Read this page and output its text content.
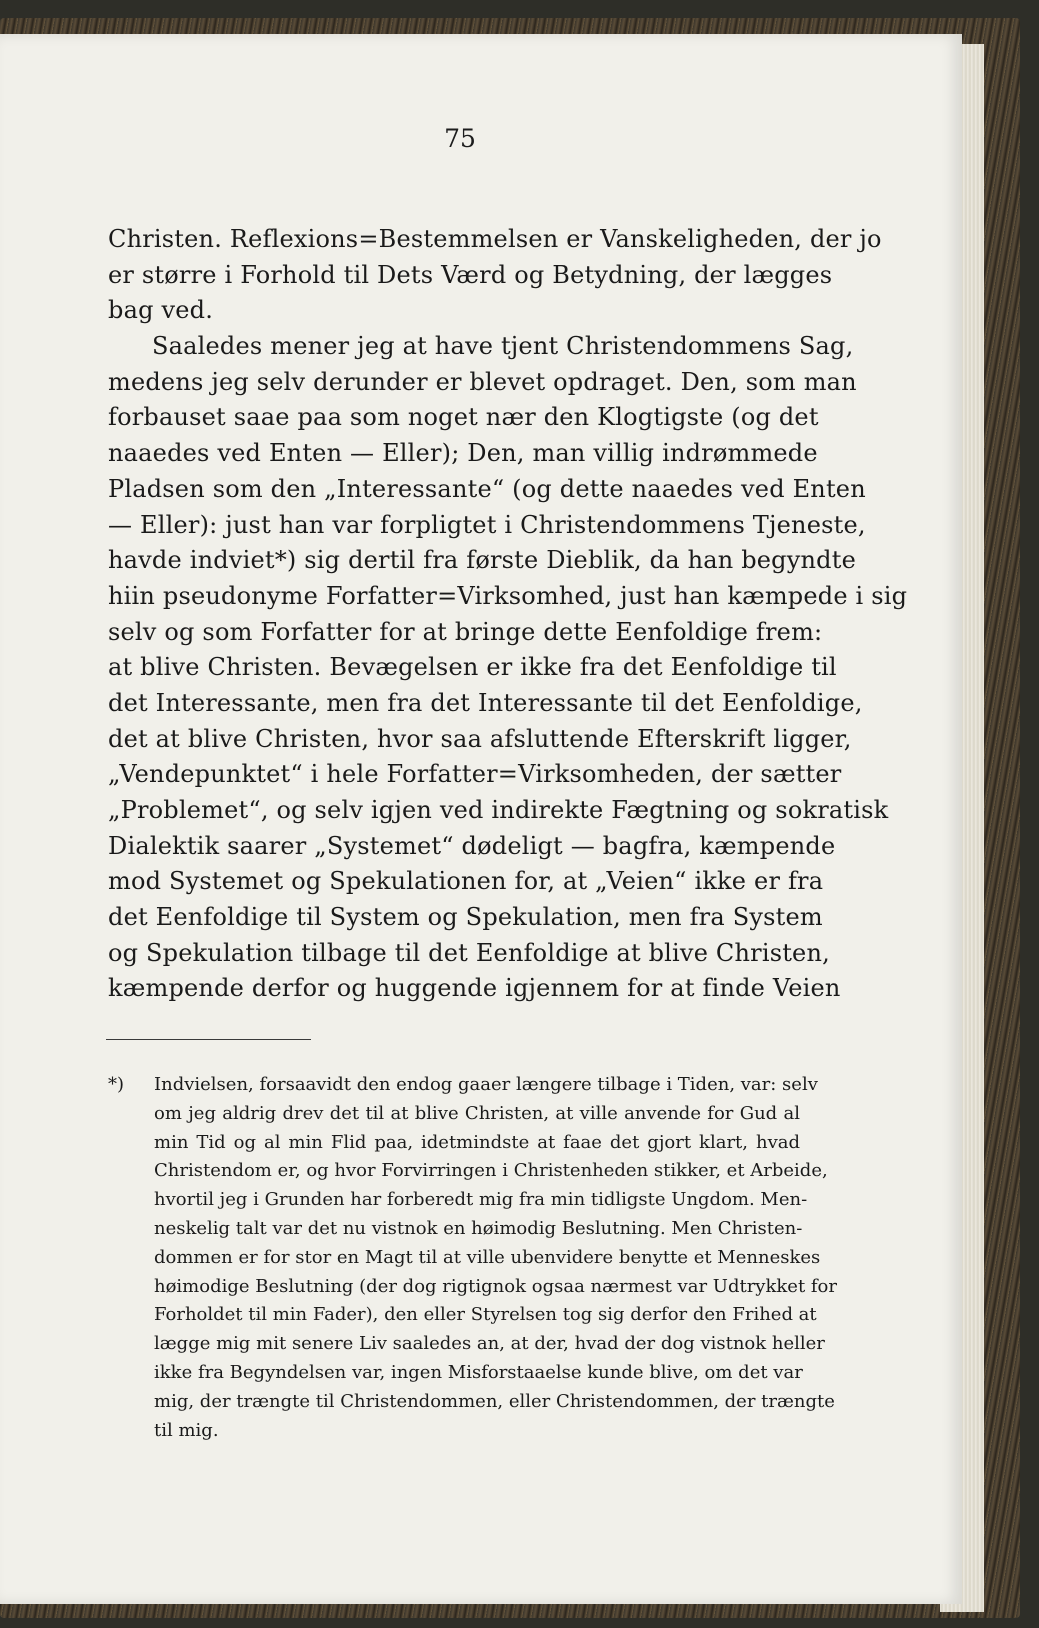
75
Christen. Reflexions=Bestemmelsen er Vanskeligheden, der jo
er større i Forhold til Dets Værd og Betydning, der lægges
bag ved.
Saaledes mener jeg at have tjent Christendommens Sag,
medens jeg selv derunder er blevet opdraget. Den, som man
forbauset saae paa som noget nær den Klogtigste (og det
naaedes ved Enten — Eller); Den, man villig indrømmede
Pladsen som den „Interessante“ (og dette naaedes ved Enten
— Eller): just han var forpligtet i Christendommens Tjeneste,
havde indviet*) sig dertil fra første Dieblik, da han begyndte
hiin pseudonyme Forfatter=Virksomhed, just han kæmpede i sig
selv og som Forfatter for at bringe dette Eenfoldige frem:
at blive Christen. Bevægelsen er ikke fra det Eenfoldige til
det Interessante, men fra det Interessante til det Eenfoldige,
det at blive Christen, hvor saa afsluttende Efterskrift ligger,
„Vendepunktet“ i hele Forfatter=Virksomheden, der sætter
„Problemet“, og selv igjen ved indirekte Fægtning og sokratisk
Dialektik saarer „Systemet“ dødeligt — bagfra, kæmpende
mod Systemet og Spekulationen for, at „Veien“ ikke er fra
det Eenfoldige til System og Spekulation, men fra System
og Spekulation tilbage til det Eenfoldige at blive Christen,
kæmpende derfor og huggende igjennem for at finde Veien
*) Indvielsen, forsaavidt den endog gaaer længere tilbage i Tiden, var: selv
om jeg aldrig drev det til at blive Christen, at ville anvende for Gud al
min Tid og al min Flid paa, idetmindste at faae det gjort klart, hvad
Christendom er, og hvor Forvirringen i Christenheden stikker, et Arbeide,
hvortil jeg i Grunden har forberedt mig fra min tidligste Ungdom. Men-
neskelig talt var det nu vistnok en høimodig Beslutning. Men Christen-
dommen er for stor en Magt til at ville ubenvidere benytte et Menneskes
høimodige Beslutning (der dog rigtignok ogsaa nærmest var Udtrykket for
Forholdet til min Fader), den eller Styrelsen tog sig derfor den Frihed at
lægge mig mit senere Liv saaledes an, at der, hvad der dog vistnok heller
ikke fra Begyndelsen var, ingen Misforstaaelse kunde blive, om det var
mig, der trængte til Christendommen, eller Christendommen, der trængte
til mig.
